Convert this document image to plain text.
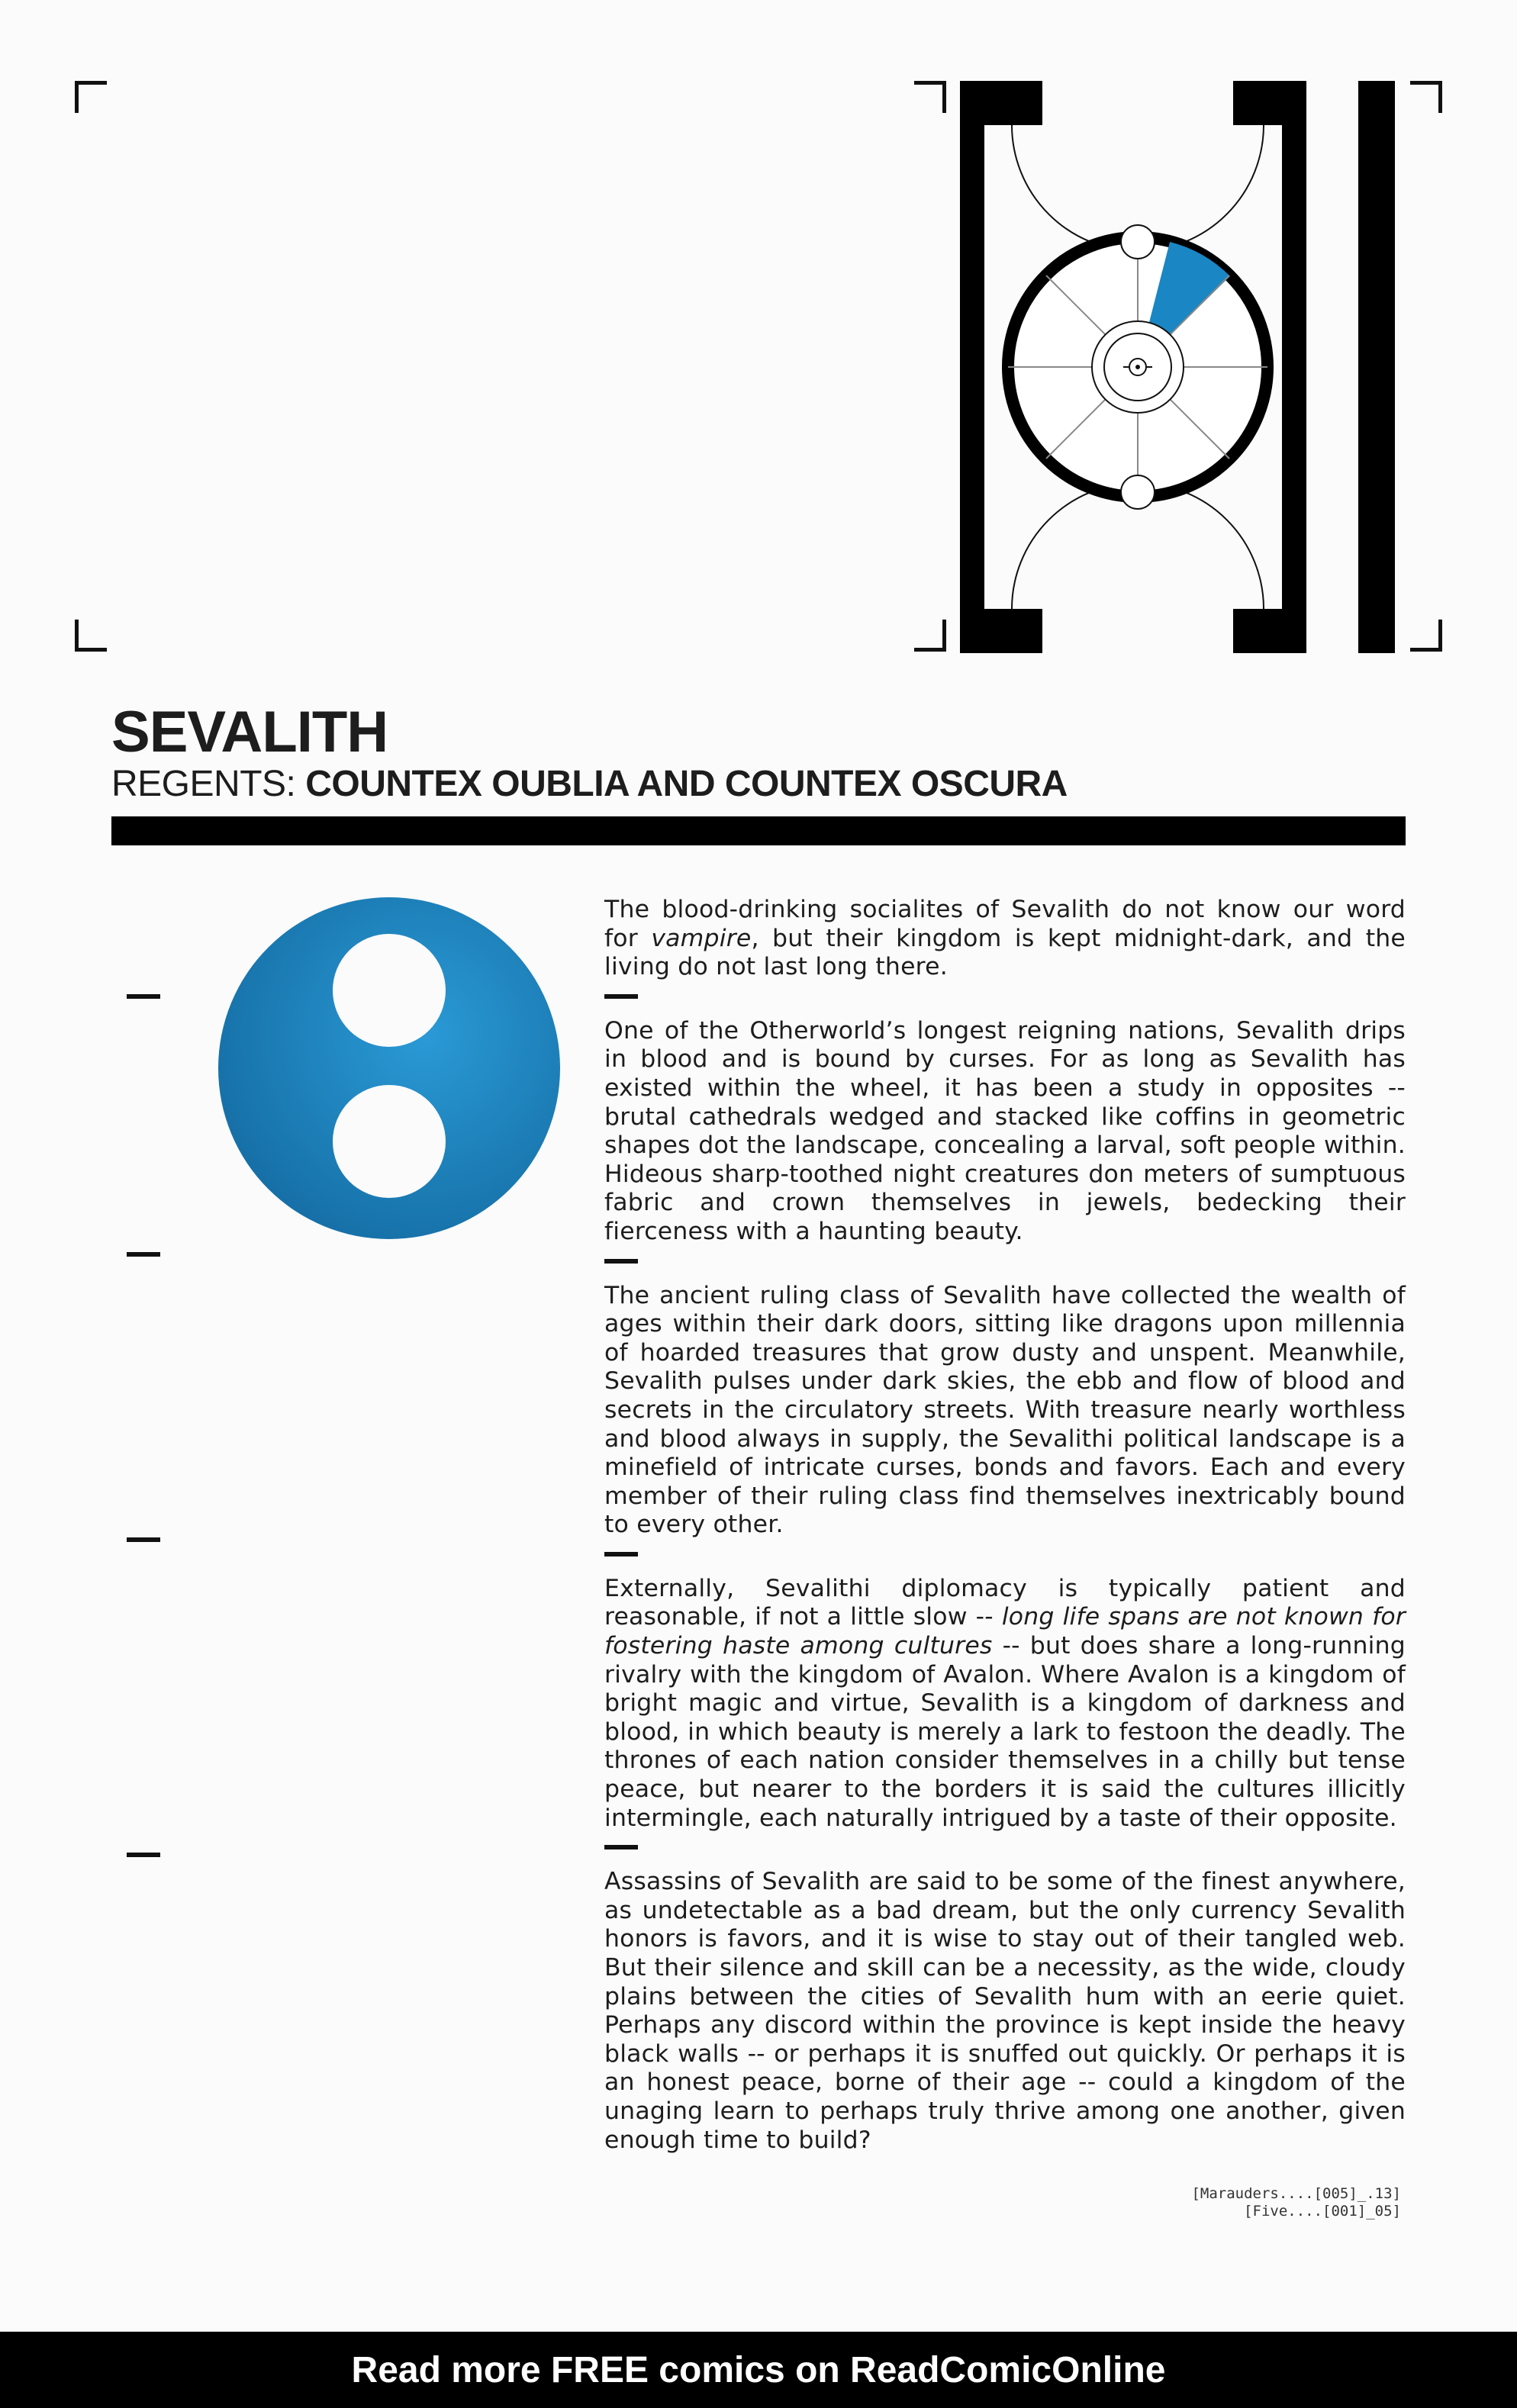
SEVALITH
REGENTS: COUNTEX OUBLIA AND COUNTEX OSCURA

The blood-drinking socialites of Sevalith do not know our word for vampire, but their kingdom is kept midnight-dark, and the living do not last long there.

One of the Otherworld’s longest reigning nations, Sevalith drips in blood and is bound by curses. For as long as Sevalith has existed within the wheel, it has been a study in opposites -- brutal cathedrals wedged and stacked like coffins in geometric shapes dot the landscape, concealing a larval, soft people within. Hideous sharp-toothed night creatures don meters of sumptuous fabric and crown themselves in jewels, bedecking their fierceness with a haunting beauty.

The ancient ruling class of Sevalith have collected the wealth of ages within their dark doors, sitting like dragons upon millennia of hoarded treasures that grow dusty and unspent. Meanwhile, Sevalith pulses under dark skies, the ebb and flow of blood and secrets in the circulatory streets. With treasure nearly worthless and blood always in supply, the Sevalithi political landscape is a minefield of intricate curses, bonds and favors. Each and every member of their ruling class find themselves inextricably bound to every other.

Externally, Sevalithi diplomacy is typically patient and reasonable, if not a little slow -- long life spans are not known for fostering haste among cultures -- but does share a long-running rivalry with the kingdom of Avalon. Where Avalon is a kingdom of bright magic and virtue, Sevalith is a kingdom of darkness and blood, in which beauty is merely a lark to festoon the deadly. The thrones of each nation consider themselves in a chilly but tense peace, but nearer to the borders it is said the cultures illicitly intermingle, each naturally intrigued by a taste of their opposite.

Assassins of Sevalith are said to be some of the finest anywhere, as undetectable as a bad dream, but the only currency Sevalith honors is favors, and it is wise to stay out of their tangled web. But their silence and skill can be a necessity, as the wide, cloudy plains between the cities of Sevalith hum with an eerie quiet. Perhaps any discord within the province is kept inside the heavy black walls -- or perhaps it is snuffed out quickly. Or perhaps it is an honest peace, borne of their age -- could a kingdom of the unaging learn to perhaps truly thrive among one another, given enough time to build?

[Marauders....[005]_.13]
[Five....[001]_05]
Read more FREE comics on ReadComicOnline
